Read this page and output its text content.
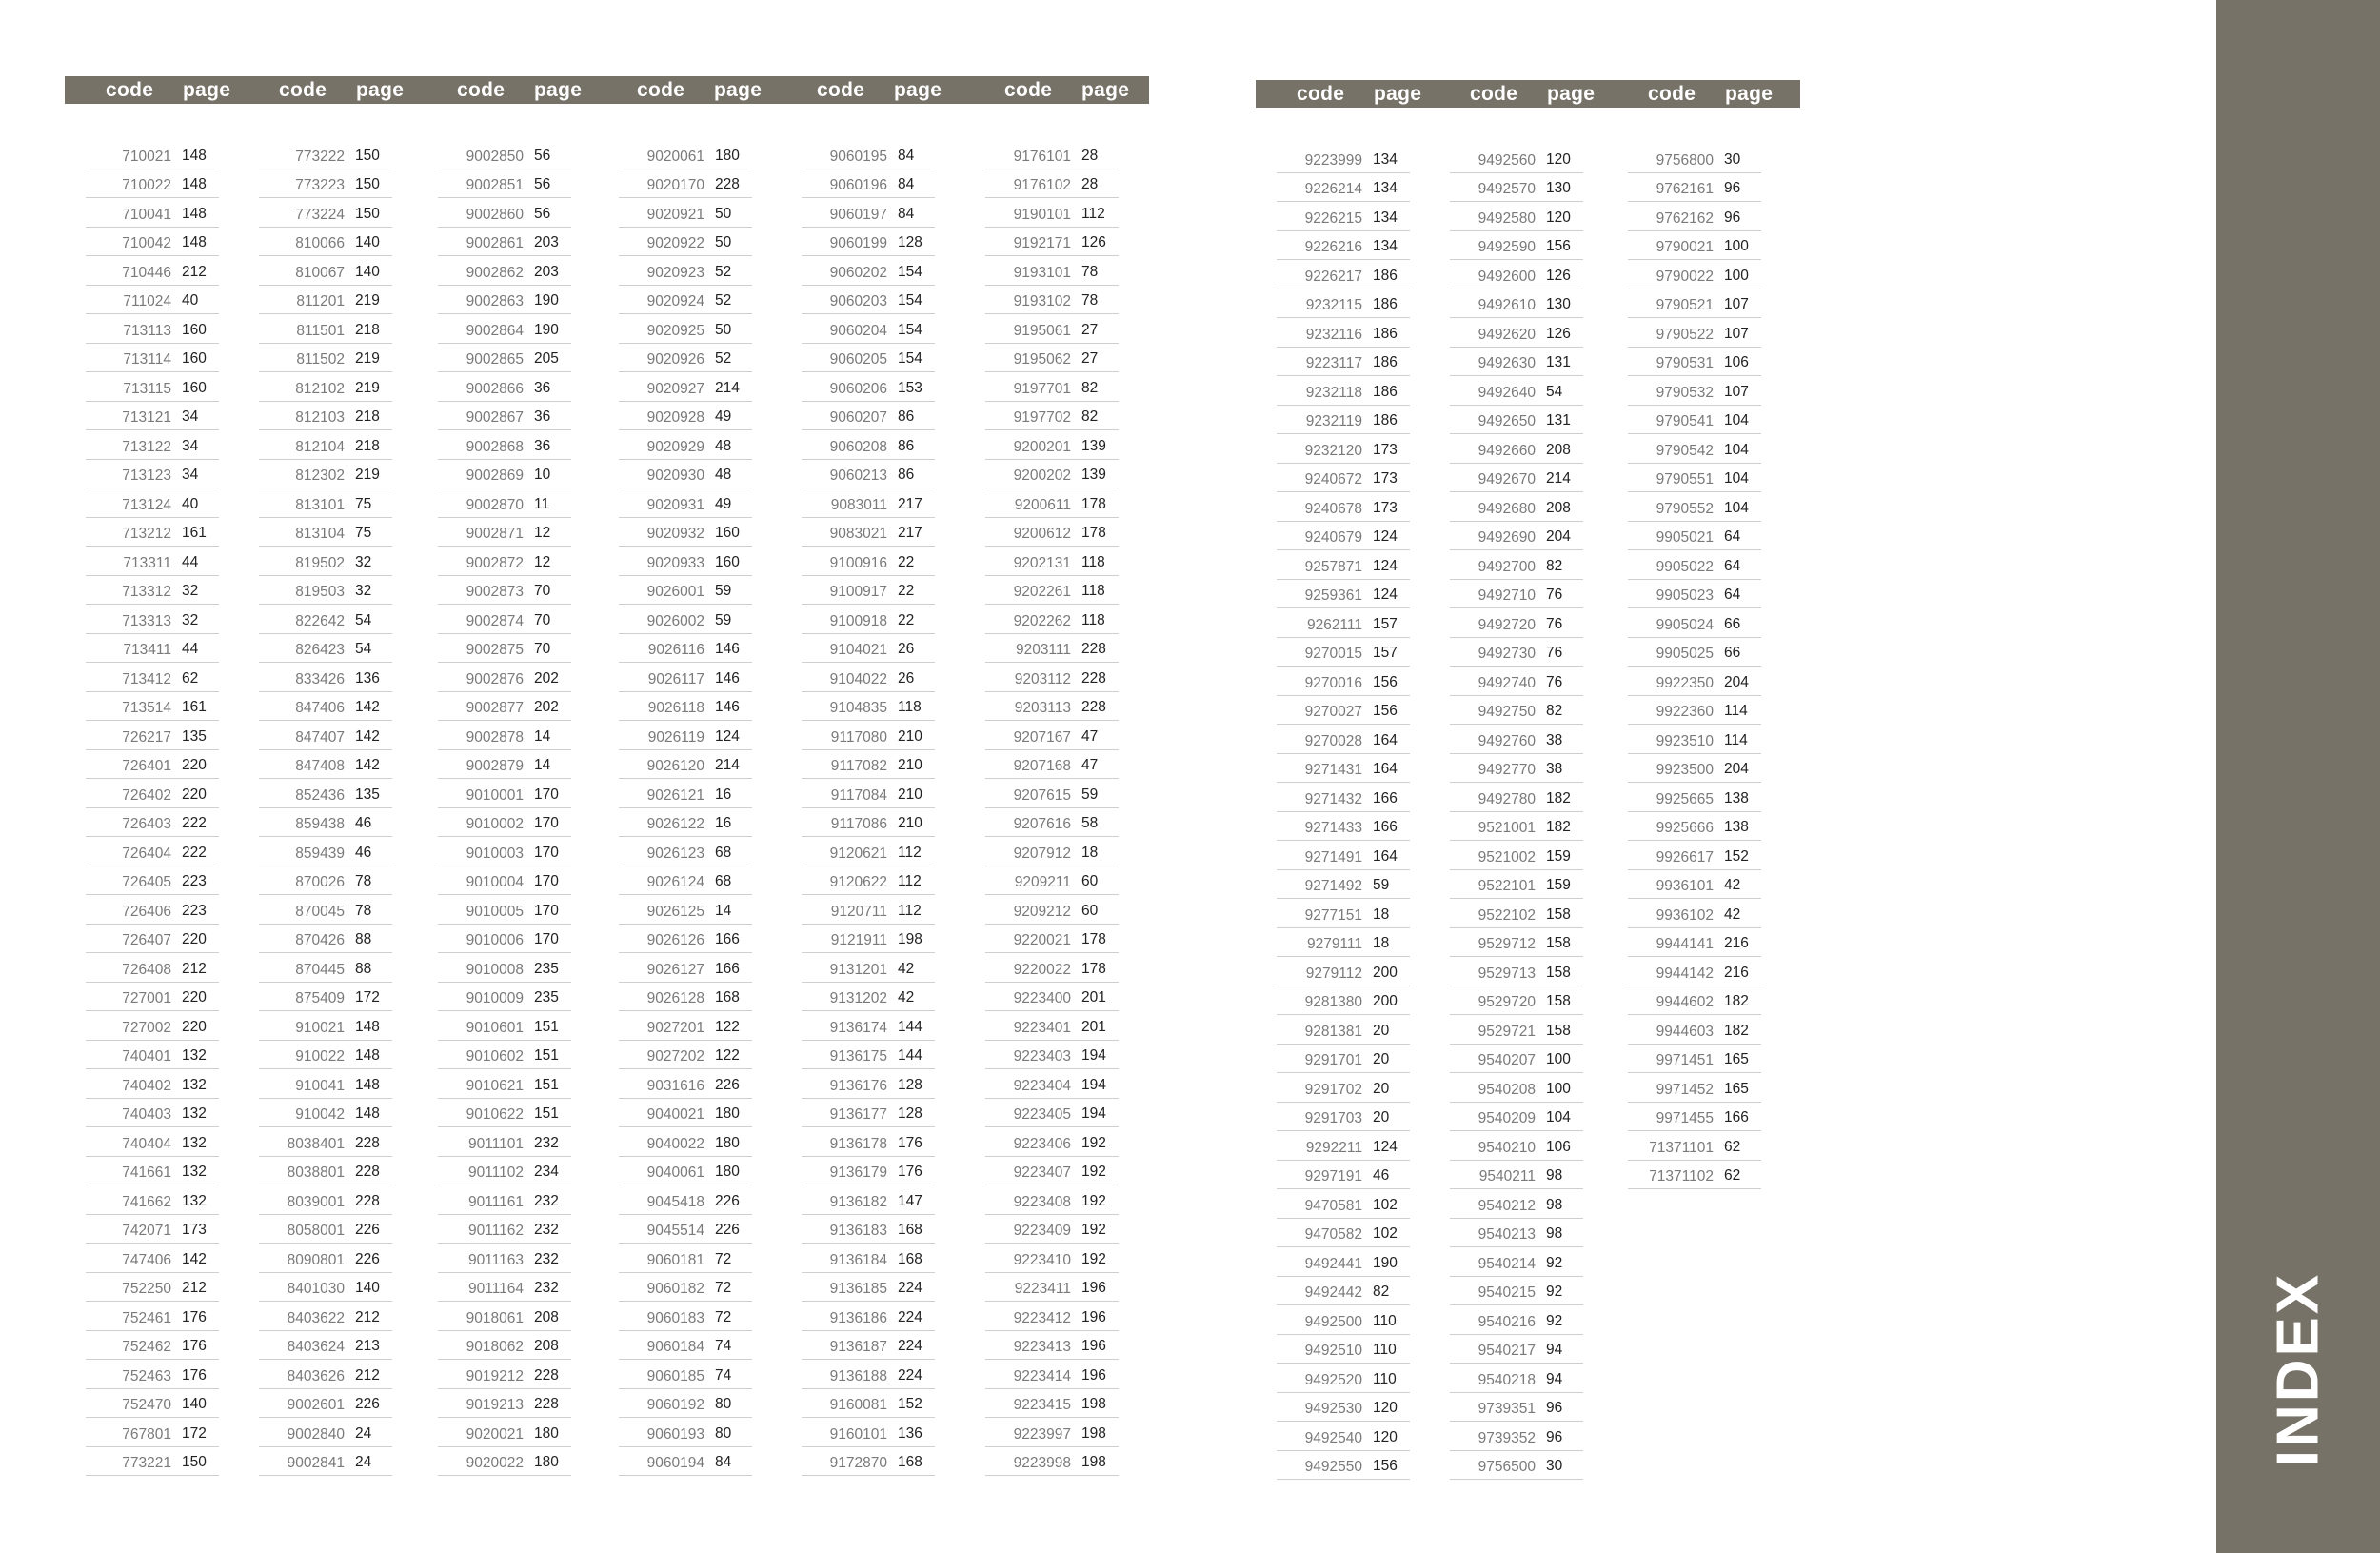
code page code page	code page	code page	code page	code page	code page code page	code page
710021 148
710022 148
710041 148
710042 148
710446 212
711024 40
713113 160
713114 160
713115 160
713121 34
713122 34
713123 34
713124 40
713212 161
713311 44
713312 32
713313 32
713411 44
713412 62
713514 161
726217 135
726401 220
726402 220
726403 222
726404 222
726405 223
726406 223
726407 220
726408 212
727001 220
727002 220
740401 132
740402 132
740403 132
740404 132
741661 132
741662 132
742071 173
747406 142
752250 212
752461 176
752462 176
752463 176
752470 140
767801 172
773221 150
773222 150
773223 150
773224 150
810066 140
810067 140
811201 219
811501 218
811502 219
812102 219
812103 218
812104 218
812302 219
813101 75
813104 75
819502 32
819503 32
822642 54
826423 54
833426 136
847406 142
847407 142
847408 142
852436 135
859438 46
859439 46
870026 78
870045 78
870426 88
870445 88
875409 172
910021 148
910022 148
910041 148
910042 148
8038401 228
8038801 228
8039001 228
8058001 226
8090801 226
8401030 140
8403622 212
8403624 213
8403626 212
9002601 226
9002840 24
9002841 24
9002850 56
9002851 56
9002860 56
9002861 203
9002862 203
9002863 190
9002864 190
9002865 205
9002866 36
9002867 36
9002868 36
9002869 10
9002870 11
9002871 12
9002872 12
9002873 70
9002874 70
9002875 70
9002876 202
9002877 202
9002878 14
9002879 14
9010001 170
9010002 170
9010003 170
9010004 170
9010005 170
9010006 170
9010008 235
9010009 235
9010601 151
9010602 151
9010621 151
9010622 151
9011101 232
9011102 234
9011161 232
9011162 232
9011163 232
9011164 232
9018061 208
9018062 208
9019212 228
9019213 228
9020021 180
9020022 180
9020061 180
9020170 228
9020921 50
9020922 50
9020923 52
9020924 52
9020925 50
9020926 52
9020927 214
9020928 49
9020929 48
9020930 48
9020931 49
9020932 160
9020933 160
9026001 59
9026002 59
9026116 146
9026117 146
9026118 146
9026119 124
9026120 214
9026121 16
9026122 16
9026123 68
9026124 68
9026125 14
9026126 166
9026127 166
9026128 168
9027201 122
9027202 122
9031616 226
9040021 180
9040022 180
9040061 180
9045418 226
9045514 226
9060181 72
9060182 72
9060183 72
9060184 74
9060185 74
9060192 80
9060193 80
9060194 84
9060195 84
9060196 84
9060197 84
9060199 128
9060202 154
9060203 154
9060204 154
9060205 154
9060206 153
9060207 86
9060208 86
9060213 86
9083011 217
9083021 217
9100916 22
9100917 22
9100918 22
9104021 26
9104022 26
9104835 118
9117080 210
9117082 210
9117084 210
9117086 210
9120621 112
9120622 112
9120711 112
9121911 198
9131201 42
9131202 42
9136174 144
9136175 144
9136176 128
9136177 128
9136178 176
9136179 176
9136182 147
9136183 168
9136184 168
9136185 224
9136186 224
9136187 224
9136188 224
9160081 152
9160101 136
9172870 168
9176101 28
9176102 28
9190101 112
9192171 126
9193101 78
9193102 78
9195061 27
9195062 27
9197701 82
9197702 82
9200201 139
9200202 139
9200611 178
9200612 178
9202131 118
9202261 118
9202262 118
9203111 228
9203112 228
9203113 228
9207167 47
9207168 47
9207615 59
9207616 58
9207912 18
9209211 60
9209212 60
9220021 178
9220022 178
9223400 201
9223401 201
9223403 194
9223404 194
9223405 194
9223406 192
9223407 192
9223408 192
9223409 192
9223410 192
9223411 196
9223412 196
9223413 196
9223414 196
9223415 198
9223997 198
9223998 198
9223999 134
9226214 134
9226215 134
9226216 134
9226217 186
9232115 186
9232116 186
9223117 186
9232118 186
9232119 186
9232120 173
9240672 173
9240678 173
9240679 124
9257871 124
9259361 124
9262111 157
9270015 157
9270016 156
9270027 156
9270028 164
9271431 164
9271432 166
9271433 166
9271491 164
9271492 59
9277151 18
9279111 18
9279112 200
9281380 200
9281381 20
9291701 20
9291702 20
9291703 20
9292211 124
9297191 46
9470581 102
9470582 102
9492441 190
9492442 82
9492500 110
9492510 110
9492520 110
9492530 120
9492540 120
9492550 156
9492560 120
9492570 130
9492580 120
9492590 156
9492600 126
9492610 130
9492620 126
9492630 131
9492640 54
9492650 131
9492660 208
9492670 214
9492680 208
9492690 204
9492700 82
9492710 76
9492720 76
9492730 76
9492740 76
9492750 82
9492760 38
9492770 38
9492780 182
9521001 182
9521002 159
9522101 159
9522102 158
9529712 158
9529713 158
9529720 158
9529721 158
9540207 100
9540208 100
9540209 104
9540210 106
9540211 98
9540212 98
9540213 98
9540214 92
9540215 92
9540216 92
9540217 94
9540218 94
9739351 96
9739352 96
9756500 30
9756800 30
9762161 96
9762162 96
9790021 100
9790022 100
9790521 107
9790522 107
9790531 106
9790532 107
9790541 104
9790542 104
9790551 104
9790552 104
9905021 64
9905022 64
9905023 64
9905024 66
9905025 66
9922350 204
9922360 114
9923510 114
9923500 204
9925665 138
9925666 138
9926617 152
9936101 42
9936102 42
9944141 216
9944142 216
9944602 182
9944603 182
9971451 165
9971452 165
9971455 166
71371101 62
71371102 62
INDEX
